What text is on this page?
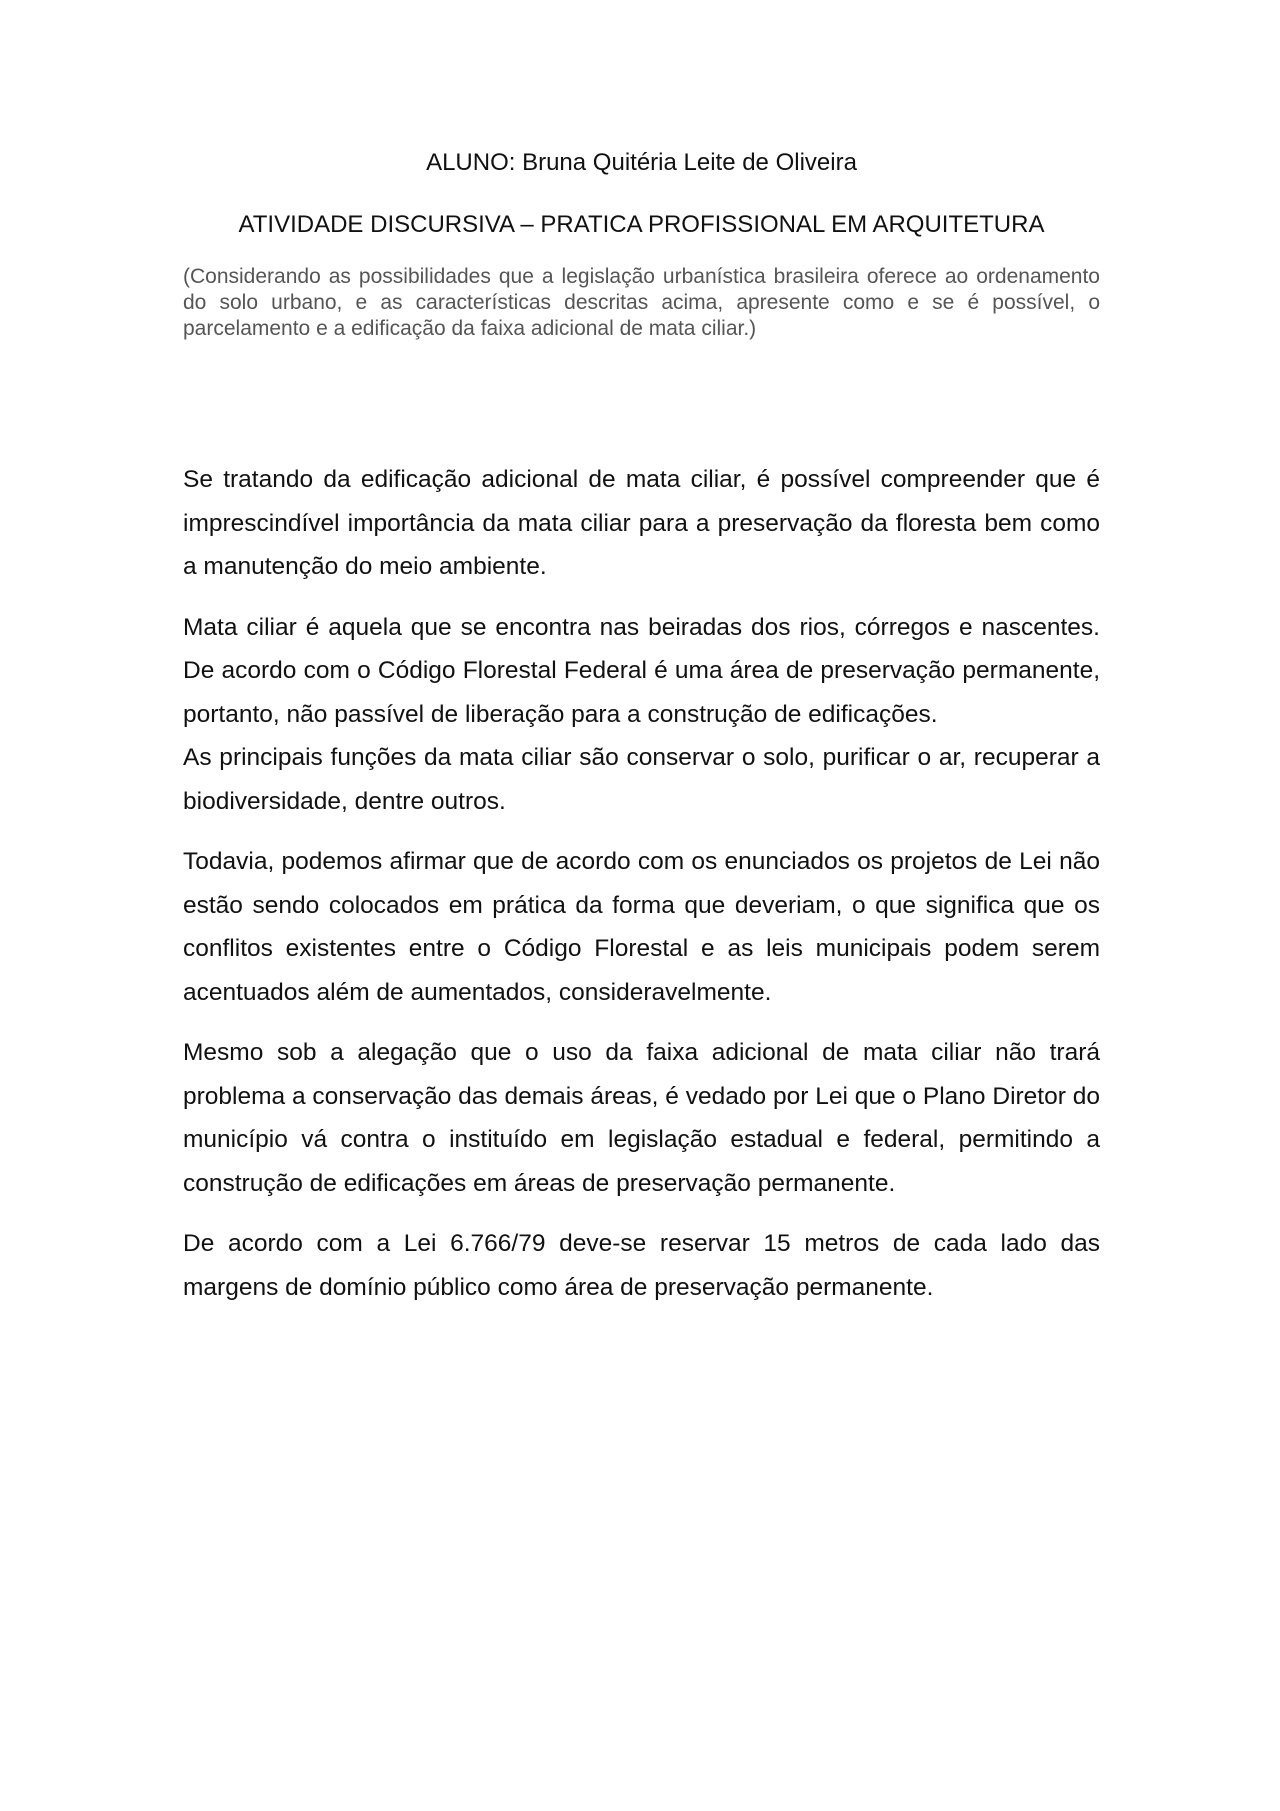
ALUNO: Bruna Quitéria Leite de Oliveira
ATIVIDADE DISCURSIVA – PRATICA PROFISSIONAL EM ARQUITETURA
(Considerando as possibilidades que a legislação urbanística brasileira oferece ao ordenamento do solo urbano, e as características descritas acima, apresente como e se é possível, o parcelamento e a edificação da faixa adicional de mata ciliar.)

Se tratando da edificação adicional de mata ciliar, é possível compreender que é imprescindível importância da mata ciliar para a preservação da floresta bem como a manutenção do meio ambiente.

Mata ciliar é aquela que se encontra nas beiradas dos rios, córregos e nascentes. De acordo com o Código Florestal Federal é uma área de preservação permanente, portanto, não passível de liberação para a construção de edificações.

As principais funções da mata ciliar são conservar o solo, purificar o ar, recuperar a biodiversidade, dentre outros.

Todavia, podemos afirmar que de acordo com os enunciados os projetos de Lei não estão sendo colocados em prática da forma que deveriam, o que significa que os conflitos existentes entre o Código Florestal e as leis municipais podem serem acentuados além de aumentados, consideravelmente.

Mesmo sob a alegação que o uso da faixa adicional de mata ciliar não trará problema a conservação das demais áreas, é vedado por Lei que o Plano Diretor do município vá contra o instituído em legislação estadual e federal, permitindo a construção de edificações em áreas de preservação permanente.

De acordo com a Lei 6.766/79 deve-se reservar 15 metros de cada lado das margens de domínio público como área de preservação permanente.
